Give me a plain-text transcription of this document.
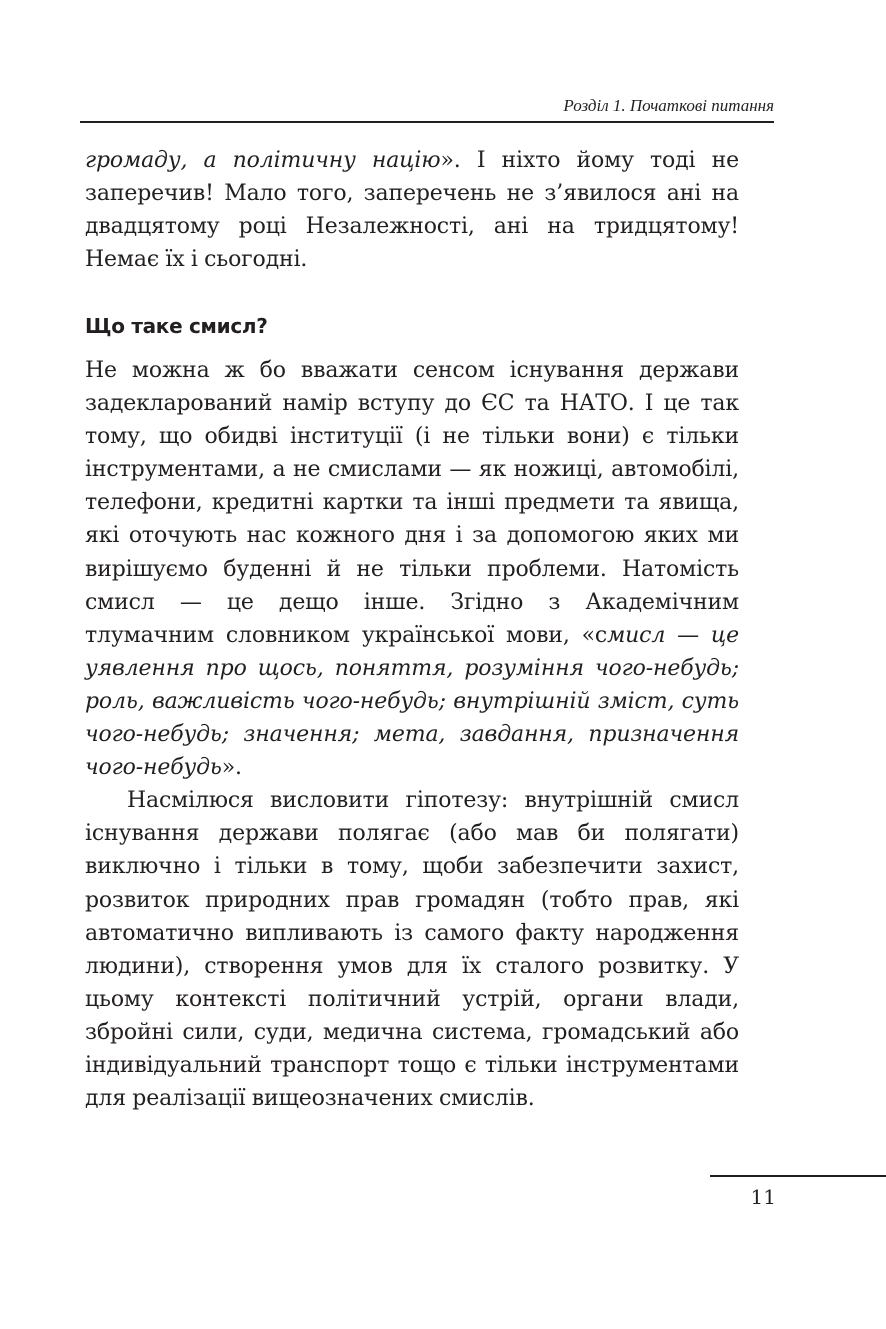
Розділ 1. Початкові питання

громаду, а політичну націю». І ніхто йому тоді не заперечив! Мало того, заперечень не з’явилося ані на двадцятому році Незалежності, ані на тридцятому! Немає їх і сьогодні.

Що таке смисл?

Не можна ж бо вважати сенсом існування держави задекларований намір вступу до ЄС та НАТО. І це так тому, що обидві інституції (і не тільки вони) є тільки інструментами, а не смислами — як ножиці, автомобілі, телефони, кредитні картки та інші предмети та явища, які оточують нас кожного дня і за допомогою яких ми вирішуємо буденні й не тільки проблеми. Натомість смисл — це дещо інше. Згідно з Академічним тлумачним словником української мови, «смисл — це уявлення про щось, поняття, розуміння чого-небудь; роль, важливість чого-небудь; внутрішній зміст, суть чого-небудь; значення; мета, завдання, призначення чого-небудь».

Насмілюся висловити гіпотезу: внутрішній смисл існування держави полягає (або мав би полягати) виключно і тільки в тому, щоби забезпечити захист, розвиток природних прав громадян (тобто прав, які автоматично випливають із самого факту народження людини), створення умов для їх сталого розвитку. У цьому контексті політичний устрій, органи влади, збройні сили, суди, медична система, громадський або індивідуальний транспорт тощо є тільки інструментами для реалізації вищеозначених смислів.

11
